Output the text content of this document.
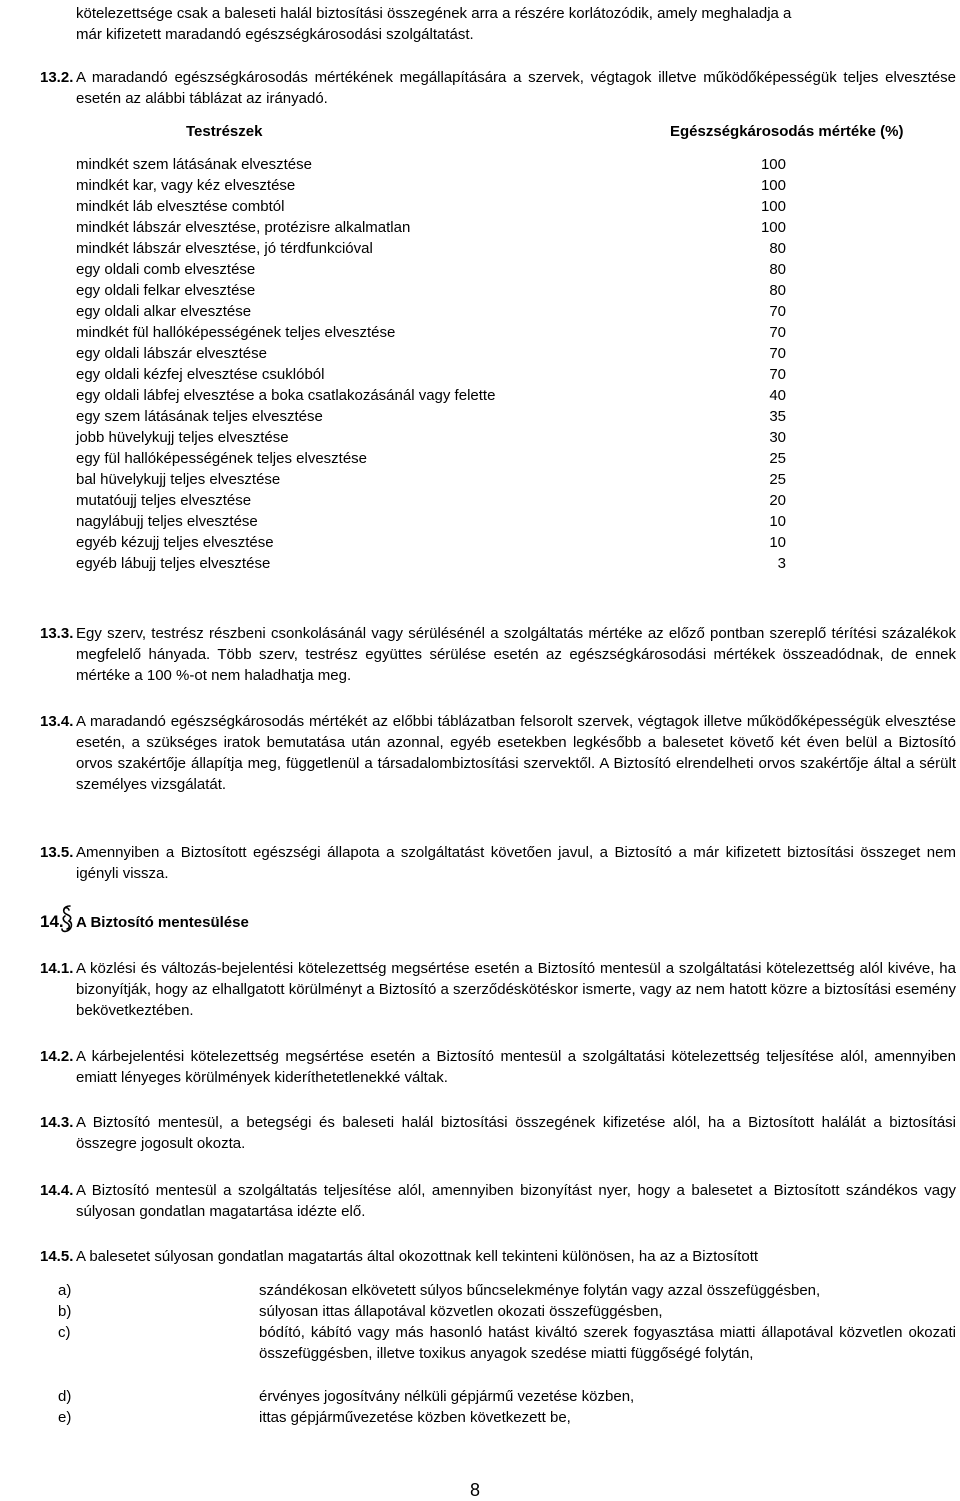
kötelezettsége csak a baleseti halál biztosítási összegének arra a részére korlátozódik, amely meghaladja a
már kifizetett maradandó egészségkárosodási szolgáltatást.
13.2. A maradandó egészségkárosodás mértékének megállapítására a szervek, végtagok illetve működőképességük teljes elvesztése esetén az alábbi táblázat az irányadó.
Testrészek	Egészségkárosodás mértéke (%)
mindkét szem látásának elvesztése	100
mindkét kar, vagy kéz elvesztése	100
mindkét láb elvesztése combtól	100
mindkét lábszár elvesztése, protézisre alkalmatlan	100
mindkét lábszár elvesztése, jó térdfunkcióval	80
egy oldali comb elvesztése	80
egy oldali felkar elvesztése	80
egy oldali alkar elvesztése	70
mindkét fül hallóképességének teljes elvesztése	70
egy oldali lábszár elvesztése	70
egy oldali kézfej elvesztése csuklóból	70
egy oldali lábfej elvesztése a boka csatlakozásánál vagy felette	40
egy szem látásának teljes elvesztése	35
jobb hüvelykujj teljes elvesztése	30
egy fül hallóképességének teljes elvesztése	25
bal hüvelykujj teljes elvesztése	25
mutatóujj teljes elvesztése	20
nagylábujj teljes elvesztése	10
egyéb kézujj teljes elvesztése	10
egyéb lábujj teljes elvesztése	3
13.3. Egy szerv, testrész részbeni csonkolásánál vagy sérülésénél a szolgáltatás mértéke az előző pontban szereplő térítési százalékok megfelelő hányada. Több szerv, testrész együttes sérülése esetén az egészségkárosodási mértékek összeadódnak, de ennek mértéke a 100 %-ot nem haladhatja meg.
13.4. A maradandó egészségkárosodás mértékét az előbbi táblázatban felsorolt szervek, végtagok illetve működőképességük elvesztése esetén, a szükséges iratok bemutatása után azonnal, egyéb esetekben legkésőbb a balesetet követő két éven belül a Biztosító orvos szakértője állapítja meg, függetlenül a társadalombiztosítási szervektől. A Biztosító elrendelheti orvos szakértője által a sérült személyes vizsgálatát.
13.5. Amennyiben a Biztosított egészségi állapota a szolgáltatást követően javul, a Biztosító a már kifizetett biztosítási összeget nem igényli vissza.
14. A Biztosító mentesülése
14.1. A közlési és változás-bejelentési kötelezettség megsértése esetén a Biztosító mentesül a szolgáltatási kötelezettség alól kivéve, ha bizonyítják, hogy az elhallgatott körülményt a Biztosító a szerződéskötéskor ismerte, vagy az nem hatott közre a biztosítási esemény bekövetkeztében.
14.2. A kárbejelentési kötelezettség megsértése esetén a Biztosító mentesül a szolgáltatási kötelezettség teljesítése alól, amennyiben emiatt lényeges körülmények kideríthetetlenekké váltak.
14.3. A Biztosító mentesül, a betegségi és baleseti halál biztosítási összegének kifizetése alól, ha a Biztosított halálát a biztosítási összegre jogosult okozta.
14.4. A Biztosító mentesül a szolgáltatás teljesítése alól, amennyiben bizonyítást nyer, hogy a balesetet a Biztosított szándékos vagy súlyosan gondatlan magatartása idézte elő.
14.5. A balesetet súlyosan gondatlan magatartás által okozottnak kell tekinteni különösen, ha az a Biztosított
a)	szándékosan elkövetett súlyos bűncselekménye folytán vagy azzal összefüggésben,
b)	súlyosan ittas állapotával közvetlen okozati összefüggésben,
c)	bódító, kábító vagy más hasonló hatást kiváltó szerek fogyasztása miatti állapotával közvetlen okozati összefüggésben, illetve toxikus anyagok szedése miatti függőségé folytán,
d)	érvényes jogosítvány nélküli gépjármű vezetése közben,
e)	ittas gépjárművezetése közben következett be,
8
